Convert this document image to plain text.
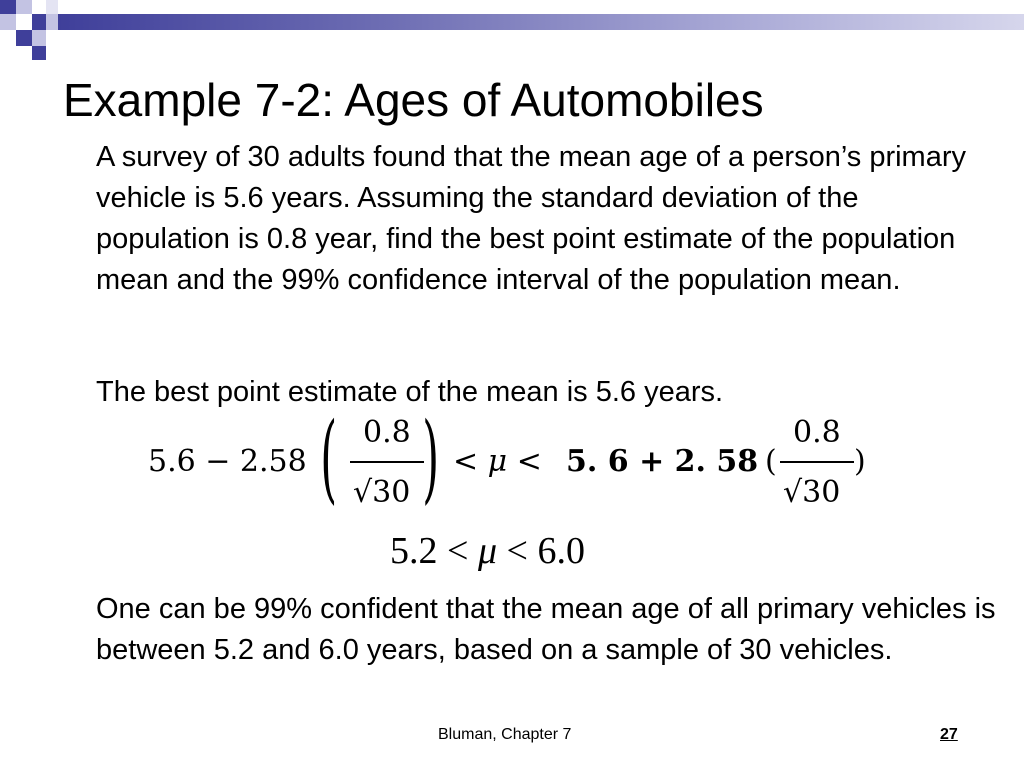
Example 7-2: Ages of Automobiles
A survey of 30 adults found that the mean age of a person’s primary vehicle is 5.6 years. Assuming the standard deviation of the population is 0.8 year, find the best point estimate of the population mean and the 99% confidence interval of the population mean.
The best point estimate of the mean is 5.6 years.
5.6 − 2.58 ( 0.8
√30 ) < μ < 5. 6 + 2. 58 (
0.8
√30
)
5.2 < μ < 6.0
One can be 99% confident that the mean age of all primary vehicles is between 5.2 and 6.0 years, based on a sample of 30 vehicles.
Bluman, Chapter 7	27
